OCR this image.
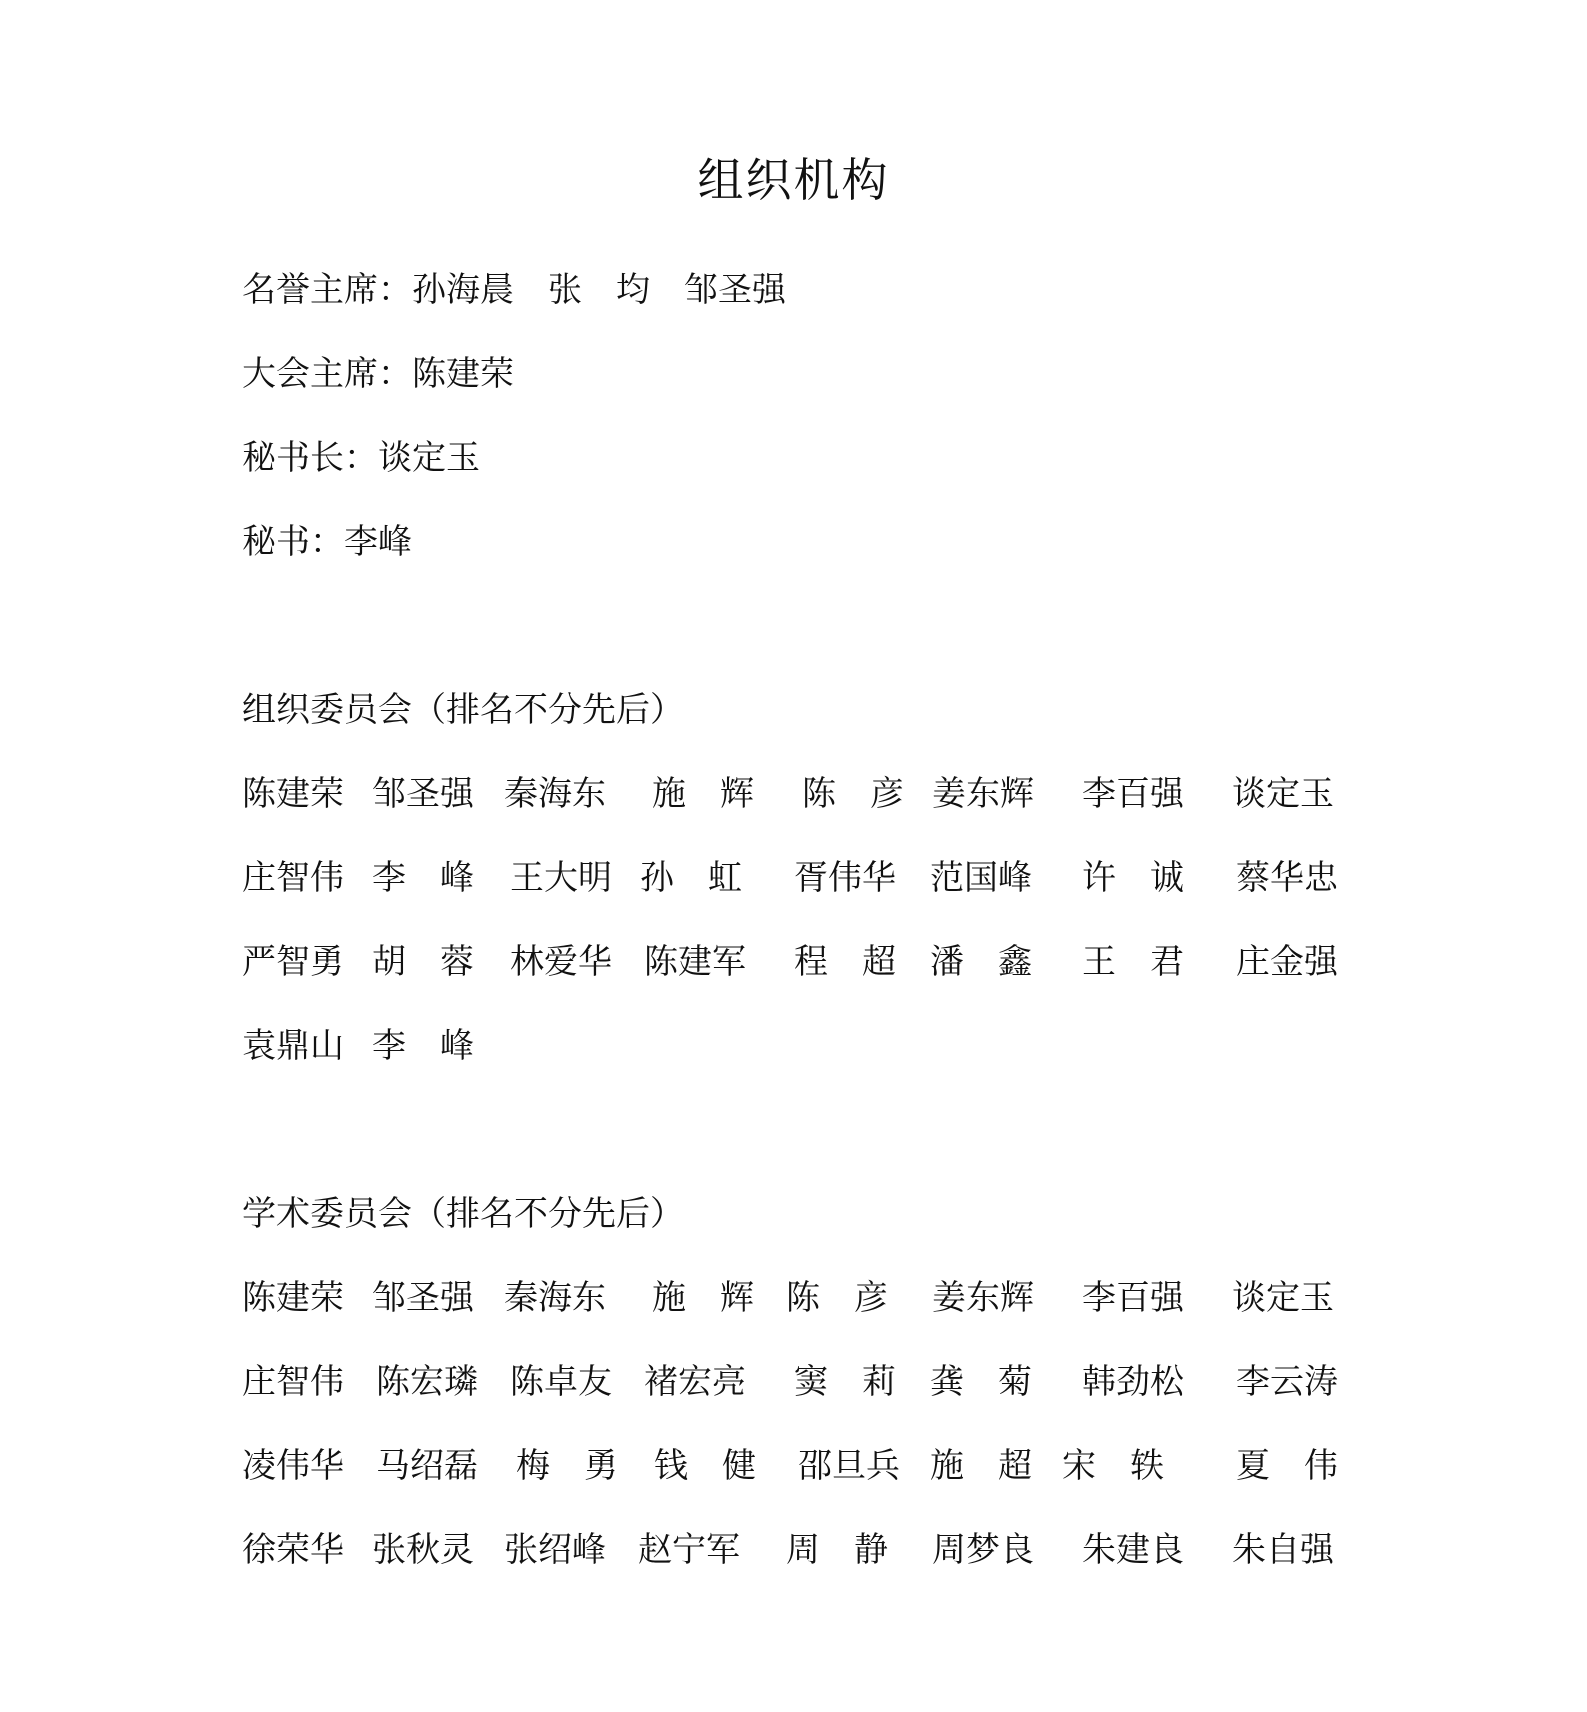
组织机构
名誉主席：孙海晨 张　均 邹圣强
大会主席：陈建荣
秘书长：谈定玉
秘书：李峰
组织委员会（排名不分先后）
陈建荣 邹圣强 秦海东 施　辉 陈　彦 姜东辉 李百强 谈定玉
庄智伟 李　峰 王大明 孙　虹 胥伟华 范国峰 许　诚 蔡华忠
严智勇 胡　蓉 林爱华 陈建军 程　超 潘　鑫 王　君 庄金强
袁鼎山 李　峰
学术委员会（排名不分先后）
陈建荣 邹圣强 秦海东 施　辉 陈　彦 姜东辉 李百强 谈定玉
庄智伟 陈宏璘 陈卓友 褚宏亮 窦　莉 龚　菊 韩劲松 李云涛
凌伟华 马绍磊 梅　勇 钱　健 邵旦兵 施　超 宋　轶 夏　伟
徐荣华 张秋灵 张绍峰 赵宁军 周　静 周梦良 朱建良 朱自强
